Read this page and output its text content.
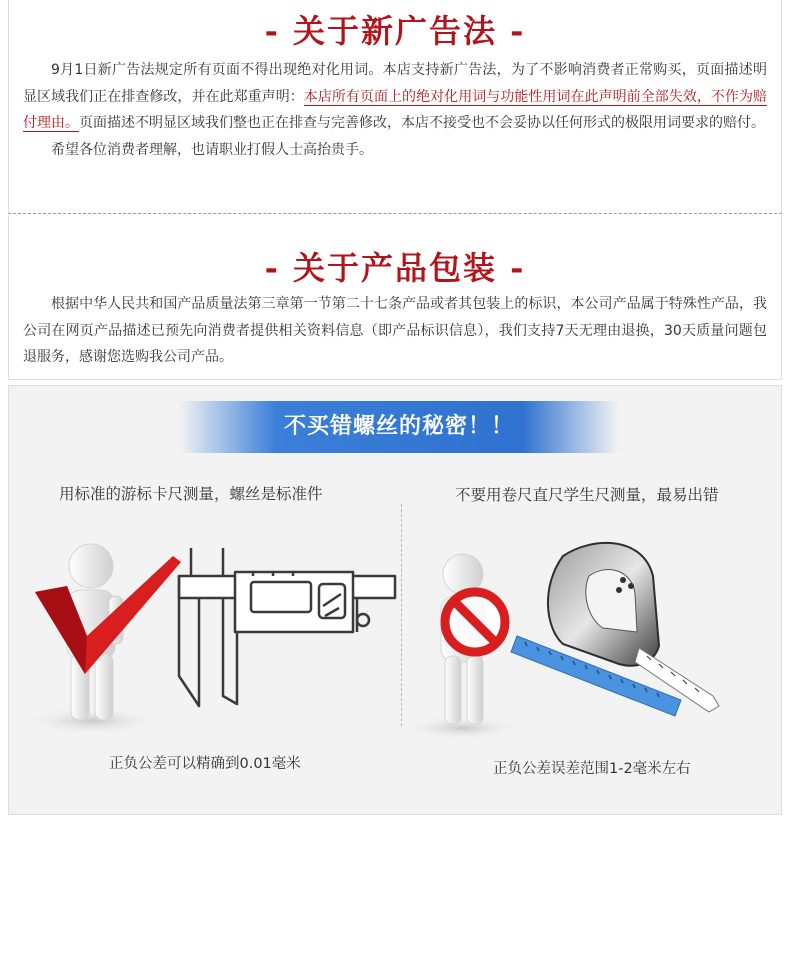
- 关于新广告法 -

9月1日新广告法规定所有页面不得出现绝对化用词。本店支持新广告法，为了不影响消费者正常购买，页面描述明显区域我们正在排查修改，并在此郑重声明：本店所有页面上的绝对化用词与功能性用词在此声明前全部失效，不作为赔付理由。页面描述不明显区域我们整也正在排查与完善修改，本店不接受也不会妥协以任何形式的极限用词要求的赔付。

希望各位消费者理解，也请职业打假人士高抬贵手。

- 关于产品包装 -

根据中华人民共和国产品质量法第三章第一节第二十七条产品或者其包装上的标识，本公司产品属于特殊性产品，我公司在网页产品描述已预先向消费者提供相关资料信息（即产品标识信息），我们支持7天无理由退换，30天质量问题包退服务，感谢您选购我公司产品。

不买错螺丝的秘密！！
用标准的游标卡尺测量，螺丝是标准件	不要用卷尺直尺学生尺测量，最易出错
正负公差可以精确到0.01毫米	正负公差误差范围1-2毫米左右
